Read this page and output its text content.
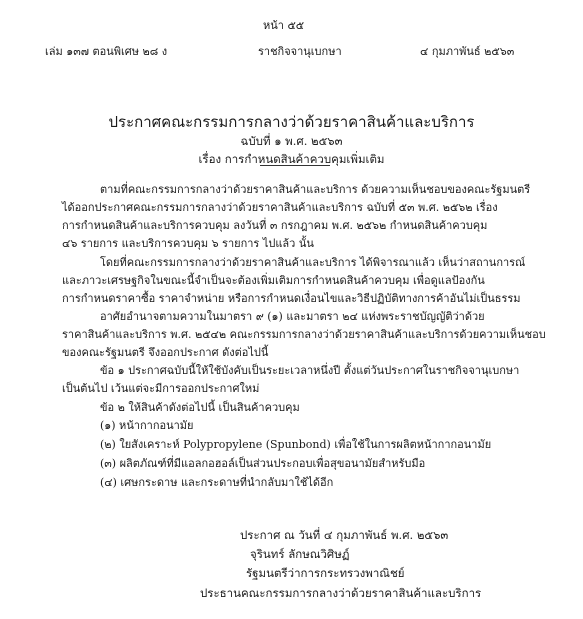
หน้า ๕๕
เล่ม ๑๓๗ ตอนพิเศษ ๒๘ ง	ราชกิจจานุเบกษา	๔ กุมภาพันธ์ ๒๕๖๓
ประกาศคณะกรรมการกลางว่าด้วยราคาสินค้าและบริการ
ฉบับที่ ๑ พ.ศ. ๒๕๖๓
เรื่อง การกำหนดสินค้าควบคุมเพิ่มเติม
ตามที่คณะกรรมการกลางว่าด้วยราคาสินค้าและบริการ ด้วยความเห็นชอบของคณะรัฐมนตรี
ได้ออกประกาศคณะกรรมการกลางว่าด้วยราคาสินค้าและบริการ ฉบับที่ ๕๓ พ.ศ. ๒๕๖๒ เรื่อง
การกำหนดสินค้าและบริการควบคุม ลงวันที่ ๓ กรกฎาคม พ.ศ. ๒๕๖๒ กำหนดสินค้าควบคุม
๔๖ รายการ และบริการควบคุม ๖ รายการ ไปแล้ว นั้น
โดยที่คณะกรรมการกลางว่าด้วยราคาสินค้าและบริการ ได้พิจารณาแล้ว เห็นว่าสถานการณ์
และภาวะเศรษฐกิจในขณะนี้จำเป็นจะต้องเพิ่มเติมการกำหนดสินค้าควบคุม เพื่อดูแลป้องกัน
การกำหนดราคาซื้อ ราคาจำหน่าย หรือการกำหนดเงื่อนไขและวิธีปฏิบัติทางการค้าอันไม่เป็นธรรม
อาศัยอำนาจตามความในมาตรา ๙ (๑) และมาตรา ๒๔ แห่งพระราชบัญญัติว่าด้วย
ราคาสินค้าและบริการ พ.ศ. ๒๕๔๒ คณะกรรมการกลางว่าด้วยราคาสินค้าและบริการด้วยความเห็นชอบ
ของคณะรัฐมนตรี จึงออกประกาศ ดังต่อไปนี้
ข้อ ๑ ประกาศฉบับนี้ให้ใช้บังคับเป็นระยะเวลาหนึ่งปี ตั้งแต่วันประกาศในราชกิจจานุเบกษา
เป็นต้นไป เว้นแต่จะมีการออกประกาศใหม่
ข้อ ๒ ให้สินค้าดังต่อไปนี้ เป็นสินค้าควบคุม
(๑) หน้ากากอนามัย
(๒) ใยสังเคราะห์ Polypropylene (Spunbond) เพื่อใช้ในการผลิตหน้ากากอนามัย
(๓) ผลิตภัณฑ์ที่มีแอลกอฮอล์เป็นส่วนประกอบเพื่อสุขอนามัยสำหรับมือ
(๔) เศษกระดาษ และกระดาษที่นำกลับมาใช้ได้อีก
ประกาศ ณ วันที่ ๔ กุมภาพันธ์ พ.ศ. ๒๕๖๓
จุรินทร์ ลักษณวิศิษฏ์
รัฐมนตรีว่าการกระทรวงพาณิชย์
ประธานคณะกรรมการกลางว่าด้วยราคาสินค้าและบริการ
